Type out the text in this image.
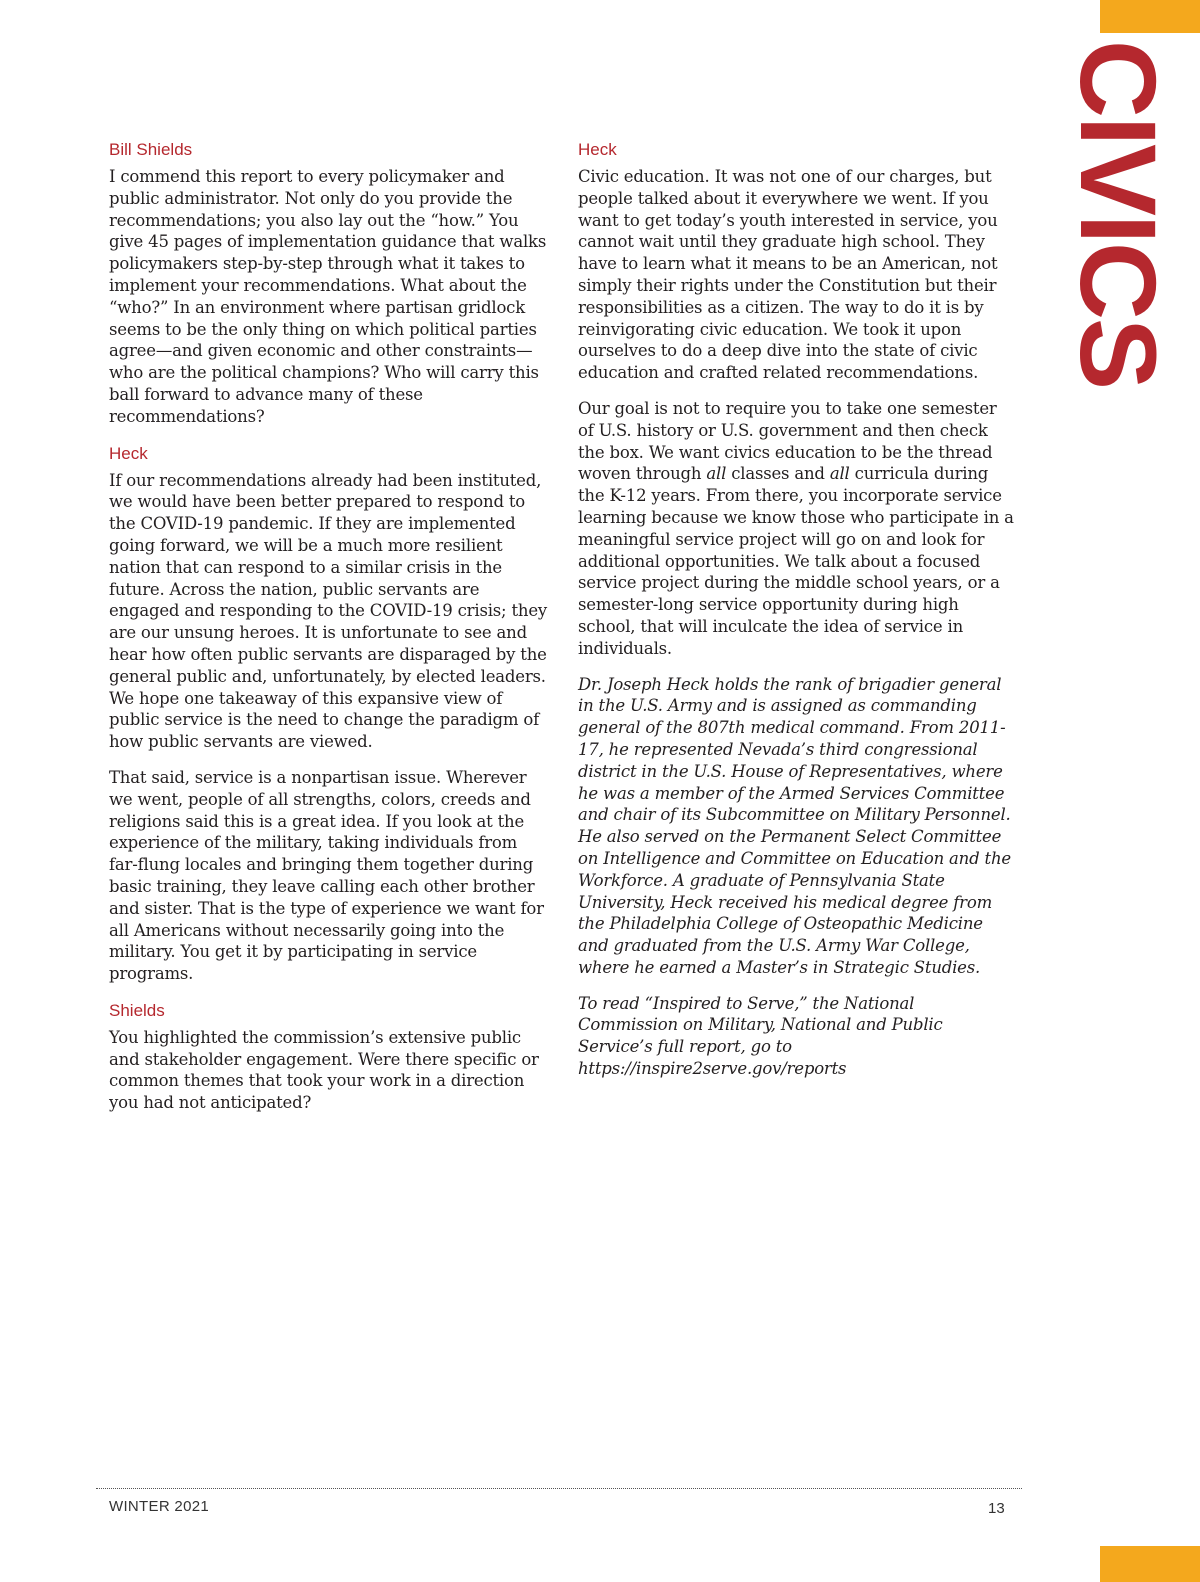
CIVICS
Bill Shields

I commend this report to every policymaker and public administrator. Not only do you provide the recommendations; you also lay out the “how.” You give 45 pages of implementation guidance that walks policymakers step-by-step through what it takes to implement your recommendations. What about the “who?” In an environment where partisan gridlock seems to be the only thing on which political parties agree—and given economic and other constraints—who are the political champions? Who will carry this ball forward to advance many of these recommendations?

Heck

If our recommendations already had been instituted, we would have been better prepared to respond to the COVID-19 pandemic. If they are implemented going forward, we will be a much more resilient nation that can respond to a similar crisis in the future. Across the nation, public servants are engaged and responding to the COVID-19 crisis; they are our unsung heroes. It is unfortunate to see and hear how often public servants are disparaged by the general public and, unfortunately, by elected leaders. We hope one takeaway of this expansive view of public service is the need to change the paradigm of how public servants are viewed.

That said, service is a nonpartisan issue. Wherever we went, people of all strengths, colors, creeds and religions said this is a great idea. If you look at the experience of the military, taking individuals from far-flung locales and bringing them together during basic training, they leave calling each other brother and sister. That is the type of experience we want for all Americans without necessarily going into the military. You get it by participating in service programs.

Shields

You highlighted the commission’s extensive public and stakeholder engagement. Were there specific or common themes that took your work in a direction you had not anticipated?

Heck

Civic education. It was not one of our charges, but people talked about it everywhere we went. If you want to get today’s youth interested in service, you cannot wait until they graduate high school. They have to learn what it means to be an American, not simply their rights under the Constitution but their responsibilities as a citizen. The way to do it is by reinvigorating civic education. We took it upon ourselves to do a deep dive into the state of civic education and crafted related recommendations.

Our goal is not to require you to take one semester of U.S. history or U.S. government and then check the box. We want civics education to be the thread woven through all classes and all curricula during the K-12 years. From there, you incorporate service learning because we know those who participate in a meaningful service project will go on and look for additional opportunities. We talk about a focused service project during the middle school years, or a semester-long service opportunity during high school, that will inculcate the idea of service in individuals.

Dr. Joseph Heck holds the rank of brigadier general in the U.S. Army and is assigned as commanding general of the 807th medical command. From 2011-17, he represented Nevada’s third congressional district in the U.S. House of Representatives, where he was a member of the Armed Services Committee and chair of its Subcommittee on Military Personnel. He also served on the Permanent Select Committee on Intelligence and Committee on Education and the Workforce. A graduate of Pennsylvania State University, Heck received his medical degree from the Philadelphia College of Osteopathic Medicine and graduated from the U.S. Army War College, where he earned a Master’s in Strategic Studies.

To read “Inspired to Serve,” the National Commission on Military, National and Public Service’s full report, go to https://inspire2serve.gov/reports

WINTER 2021	13
